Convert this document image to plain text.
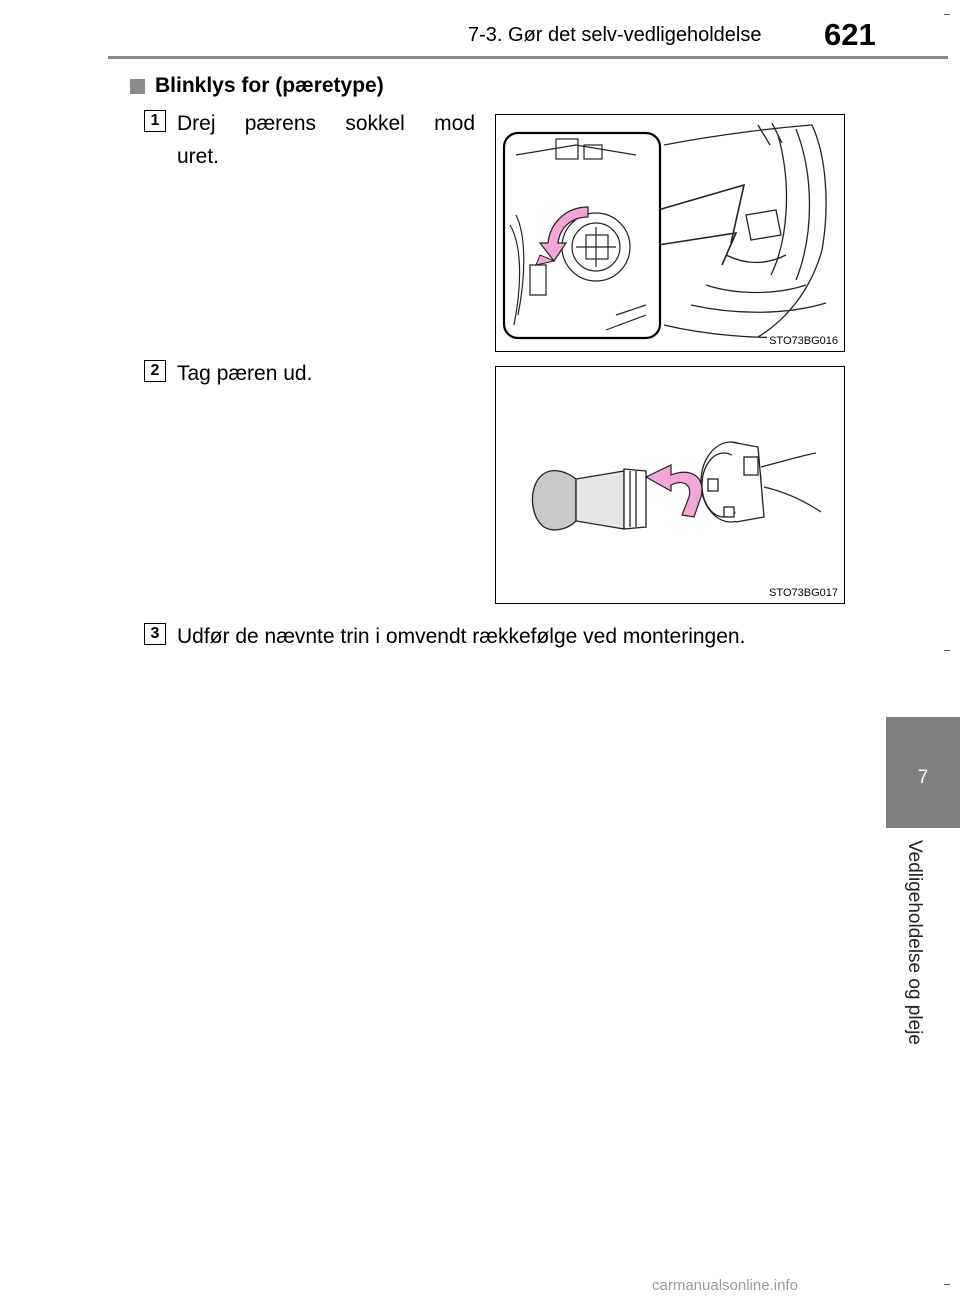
7-3. Gør det selv-vedligeholdelse 621
7
Vedligeholdelse og pleje
Blinklys for (pæretype)
1 Drej pærens sokkel mod
uret.
STO73BG016
2 Tag pæren ud.
STO73BG017
3 Udfør de nævnte trin i omvendt rækkefølge ved monteringen.
carmanualsonline.info
